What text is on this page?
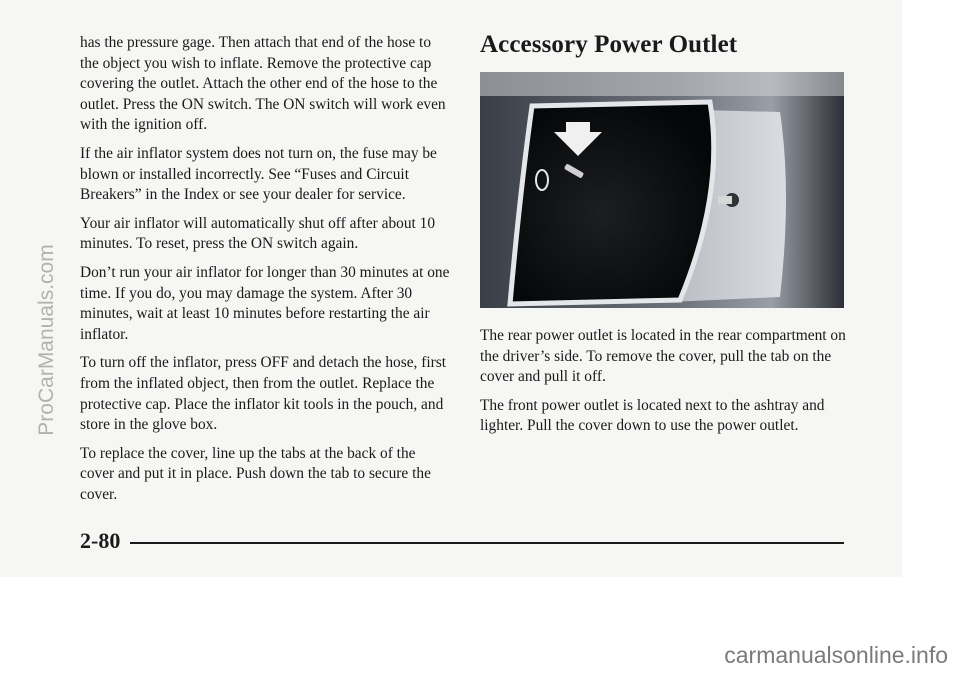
has the pressure gage. Then attach that end of the hose to the object you wish to inflate. Remove the protective cap covering the outlet. Attach the other end of the hose to the outlet. Press the ON switch. The ON switch will work even with the ignition off.

If the air inflator system does not turn on, the fuse may be blown or installed incorrectly. See “Fuses and Circuit Breakers” in the Index or see your dealer for service.

Your air inflator will automatically shut off after about 10 minutes. To reset, press the ON switch again.

Don’t run your air inflator for longer than 30 minutes at one time. If you do, you may damage the system. After 30 minutes, wait at least 10 minutes before restarting the air inflator.

To turn off the inflator, press OFF and detach the hose, first from the inflated object, then from the outlet. Replace the protective cap. Place the inflator kit tools in the pouch, and store in the glove box.

To replace the cover, line up the tabs at the back of the cover and put it in place. Push down the tab to secure the cover.

Accessory Power Outlet

The rear power outlet is located in the rear compartment on the driver’s side. To remove the cover, pull the tab on the cover and pull it off.

The front power outlet is located next to the ashtray and lighter. Pull the cover down to use the power outlet.

2-80
ProCarManuals.com
carmanualsonline.info
